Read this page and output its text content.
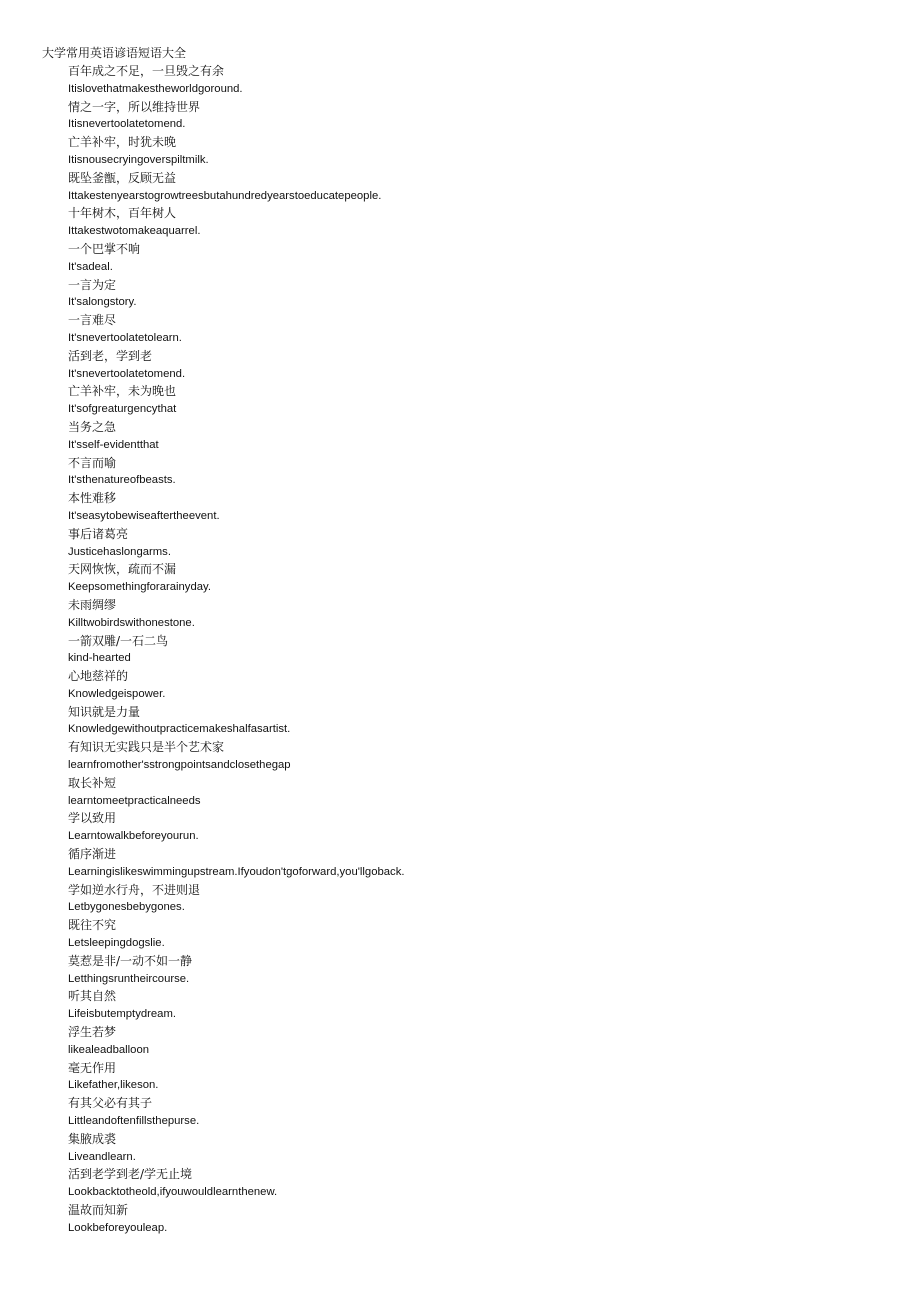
大学常用英语谚语短语大全
百年成之不足，一旦毁之有余
Itislovethatmakestheworldgoround.
情之一字，所以维持世界
Itisnevertoolatetomend.
亡羊补牢，时犹未晚
Itisnousecryingoverspiltmilk.
既坠釜甑，反顾无益
Ittakestenyearstogrowtreesbutahundredyearstoeducatepeople.
十年树木，百年树人
Ittakestwotomakeaquarrel.
一个巴掌不响
It'sadeal.
一言为定
It'salongstory.
一言难尽
It'snevertoolatetolearn.
活到老，学到老
It'snevertoolatetomend.
亡羊补牢，未为晚也
It'sofgreaturgencythat
当务之急
It'sself-evidentthat
不言而喻
It'sthenatureofbeasts.
本性难移
It'seasytobewiseaftertheevent.
事后诸葛亮
Justicehaslongarms.
天网恢恢，疏而不漏
Keepsomethingforarainyday.
未雨绸缪
Killtwobirdswithonestone.
一箭双雕/一石二鸟
kind-hearted
心地慈祥的
Knowledgeispower.
知识就是力量
Knowledgewithoutpracticemakeshalfasartist.
有知识无实践只是半个艺术家
learnfromother'sstrongpointsandclosethegap
取长补短
learntomeetpracticalneeds
学以致用
Learntowalkbeforeyourun.
循序渐进
Learningislikeswimmingupstream.Ifyoudon'tgoforward,you'llgoback.
学如逆水行舟，不进则退
Letbygonesbebygones.
既往不究
Letsleepingdogslie.
莫惹是非/一动不如一静
Letthingsruntheircourse.
听其自然
Lifeisbutemptydream.
浮生若梦
likealeadballoon
毫无作用
Likefather,likeson.
有其父必有其子
Littleandoftenfillsthepurse.
集腋成裘
Liveandlearn.
活到老学到老/学无止境
Lookbacktotheold,ifyouwouldlearnthenew.
温故而知新
Lookbeforeyouleap.
